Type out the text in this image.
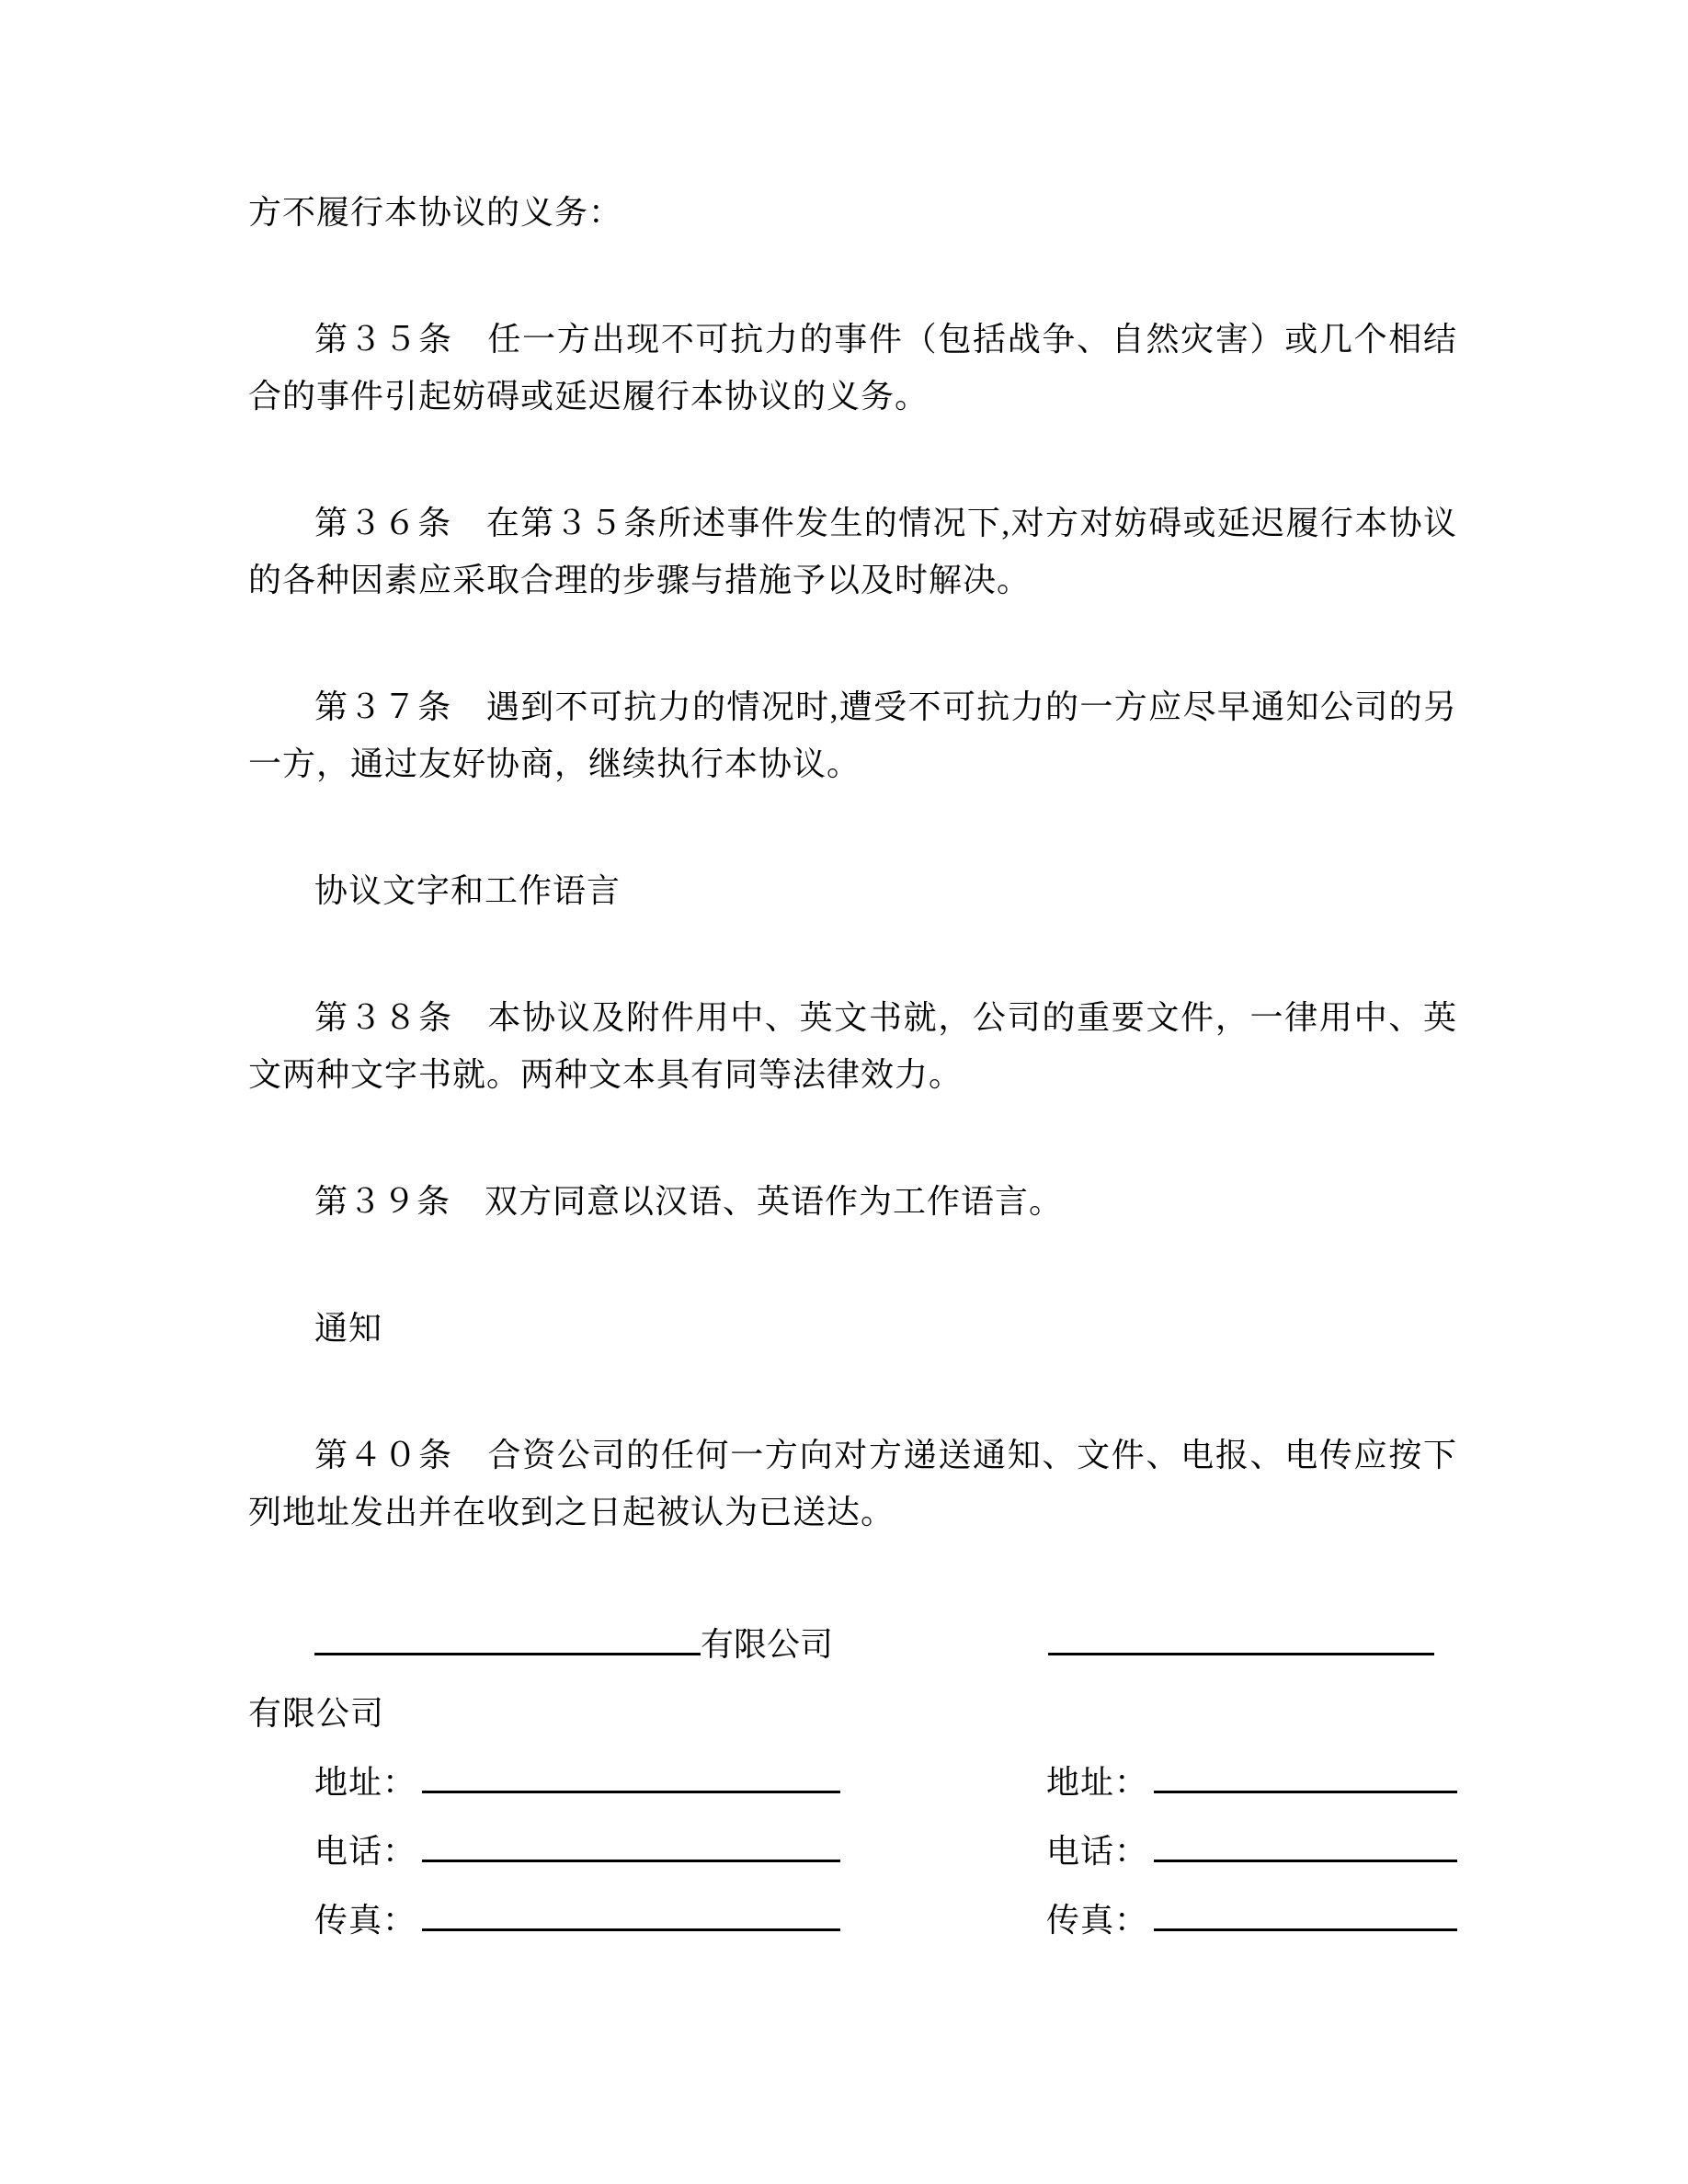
方不履行本协议的义务：

第３５条　任一方出现不可抗力的事件（包括战争、自然灾害）或几个相结合的事件引起妨碍或延迟履行本协议的义务。

第３６条　在第３５条所述事件发生的情况下,对方对妨碍或延迟履行本协议的各种因素应采取合理的步骤与措施予以及时解决。

第３７条　遇到不可抗力的情况时,遭受不可抗力的一方应尽早通知公司的另一方，通过友好协商，继续执行本协议。

协议文字和工作语言

第３８条　本协议及附件用中、英文书就，公司的重要文件，一律用中、英文两种文字书就。两种文本具有同等法律效力。

第３９条　双方同意以汉语、英语作为工作语言。

通知

第４０条　合资公司的任何一方向对方递送通知、文件、电报、电传应按下列地址发出并在收到之日起被认为已送达。

有限公司

有限公司

地址：	地址：
电话：	电话：
传真：	传真：
